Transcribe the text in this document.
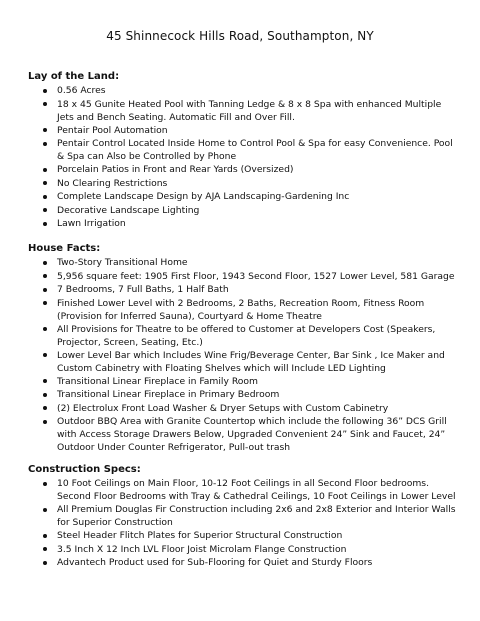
45 Shinnecock Hills Road, Southampton, NY
Lay of the Land:
0.56 Acres
18 x 45 Gunite Heated Pool with Tanning Ledge & 8 x 8 Spa with enhanced Multiple Jets and Bench Seating. Automatic Fill and Over Fill.
Pentair Pool Automation
Pentair Control Located Inside Home to Control Pool & Spa for easy Convenience. Pool & Spa can Also be Controlled by Phone
Porcelain Patios in Front and Rear Yards (Oversized)
No Clearing Restrictions
Complete Landscape Design by AJA Landscaping-Gardening Inc
Decorative Landscape Lighting
Lawn Irrigation
House Facts:
Two-Story Transitional Home
5,956 square feet: 1905 First Floor, 1943 Second Floor, 1527 Lower Level, 581 Garage
7 Bedrooms, 7 Full Baths, 1 Half Bath
Finished Lower Level with 2 Bedrooms, 2 Baths, Recreation Room, Fitness Room (Provision for Inferred Sauna), Courtyard & Home Theatre
All Provisions for Theatre to be offered to Customer at Developers Cost (Speakers, Projector, Screen, Seating, Etc.)
Lower Level Bar which Includes Wine Frig/Beverage Center, Bar Sink , Ice Maker and Custom Cabinetry with Floating Shelves which will Include LED Lighting
Transitional Linear Fireplace in Family Room
Transitional Linear Fireplace in Primary Bedroom
(2) Electrolux Front Load Washer & Dryer Setups with Custom Cabinetry
Outdoor BBQ Area with Granite Countertop which include the following 36” DCS Grill with Access Storage Drawers Below, Upgraded Convenient 24” Sink and Faucet, 24” Outdoor Under Counter Refrigerator, Pull-out trash
Construction Specs:
10 Foot Ceilings on Main Floor, 10-12 Foot Ceilings in all Second Floor bedrooms. Second Floor Bedrooms with Tray & Cathedral Ceilings, 10 Foot Ceilings in Lower Level
All Premium Douglas Fir Construction including 2x6 and 2x8 Exterior and Interior Walls for Superior Construction
Steel Header Flitch Plates for Superior Structural Construction
3.5 Inch X 12 Inch LVL Floor Joist Microlam Flange Construction
Advantech Product used for Sub-Flooring for Quiet and Sturdy Floors
